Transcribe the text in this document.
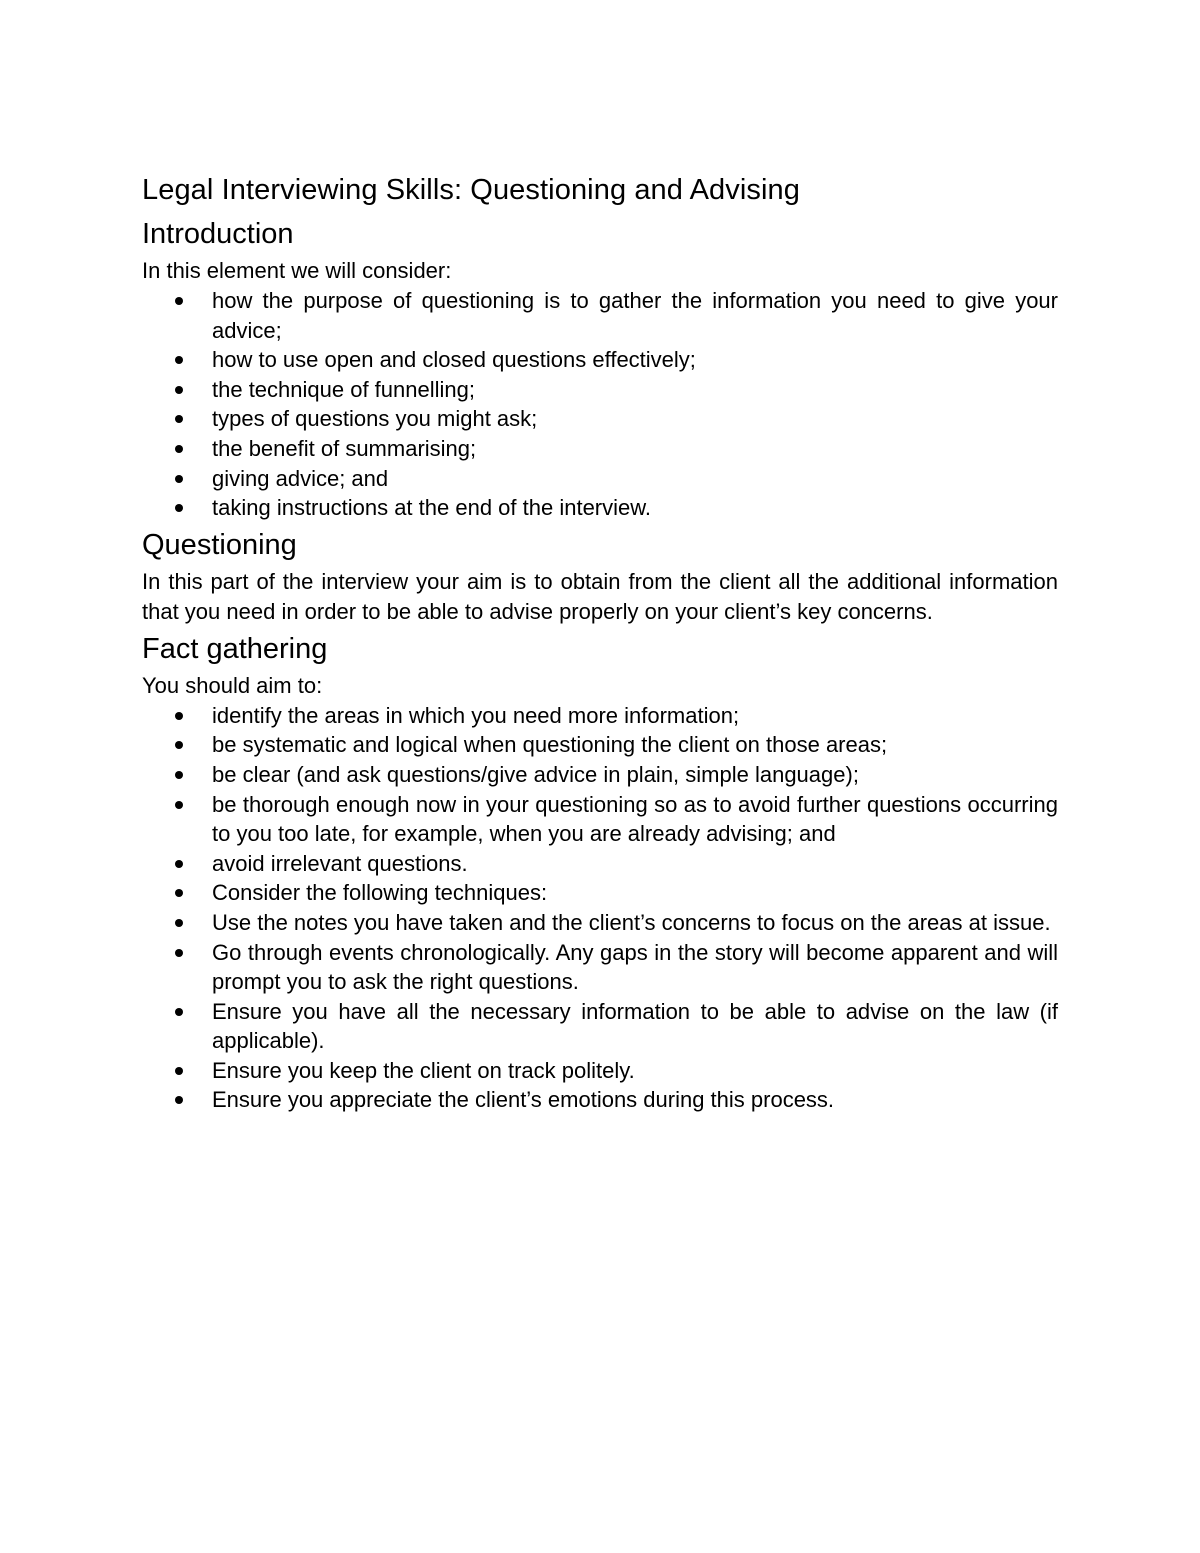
Legal Interviewing Skills: Questioning and Advising
Introduction

In this element we will consider:

how the purpose of questioning is to gather the information you need to give your advice;
how to use open and closed questions effectively;
the technique of funnelling;
types of questions you might ask;
the benefit of summarising;
giving advice; and
taking instructions at the end of the interview.
Questioning

In this part of the interview your aim is to obtain from the client all the additional information that you need in order to be able to advise properly on your client’s key concerns.

Fact gathering

You should aim to:

identify the areas in which you need more information;
be systematic and logical when questioning the client on those areas;
be clear (and ask questions/give advice in plain, simple language);
be thorough enough now in your questioning so as to avoid further questions occurring to you too late, for example, when you are already advising; and
avoid irrelevant questions.
Consider the following techniques:
Use the notes you have taken and the client’s concerns to focus on the areas at issue.
Go through events chronologically. Any gaps in the story will become apparent and will prompt you to ask the right questions.
Ensure you have all the necessary information to be able to advise on the law (if applicable).
Ensure you keep the client on track politely.
Ensure you appreciate the client’s emotions during this process.
